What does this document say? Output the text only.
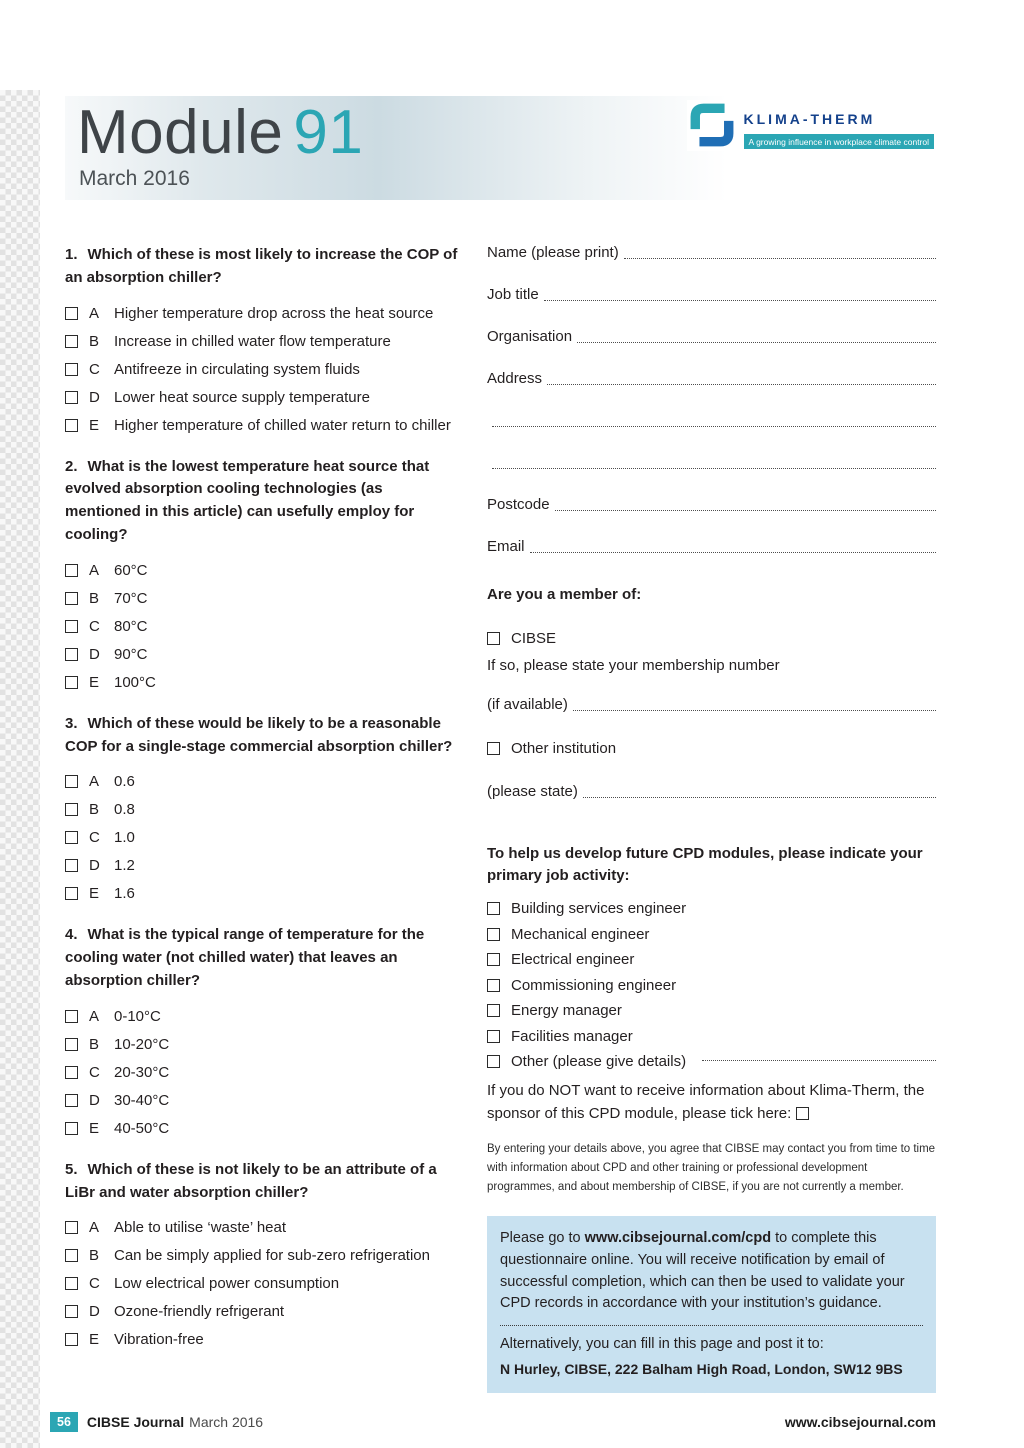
Module 91
March 2016
KLIMA-THERM
A growing influence in workplace climate control

1. Which of these is most likely to increase the COP of an absorption chiller?

A Higher temperature drop across the heat source
B Increase in chilled water flow temperature
C Antifreeze in circulating system fluids
D Lower heat source supply temperature
E Higher temperature of chilled water return to chiller

2. What is the lowest temperature heat source that evolved absorption cooling technologies (as mentioned in this article) can usefully employ for cooling?

A 60°C
B 70°C
C 80°C
D 90°C
E 100°C

3. Which of these would be likely to be a reasonable COP for a single-stage commercial absorption chiller?

A 0.6
B 0.8
C 1.0
D 1.2
E 1.6

4. What is the typical range of temperature for the cooling water (not chilled water) that leaves an absorption chiller?

A 0-10°C
B 10-20°C
C 20-30°C
D 30-40°C
E 40-50°C

5. Which of these is not likely to be an attribute of a LiBr and water absorption chiller?

A Able to utilise ‘waste’ heat
B Can be simply applied for sub-zero refrigeration
C Low electrical power consumption
D Ozone-friendly refrigerant
E Vibration-free
Name (please print)
Job title
Organisation
Address
Postcode
Email

Are you a member of:

CIBSE

If so, please state your membership number

(if available)
Other institution
(please state)

To help us develop future CPD modules, please indicate your primary job activity:

Building services engineer
Mechanical engineer
Electrical engineer
Commissioning engineer
Energy manager
Facilities manager
Other (please give details)

If you do NOT want to receive information about Klima-Therm, the sponsor of this CPD module, please tick here:

By entering your details above, you agree that CIBSE may contact you from time to time with information about CPD and other training or professional development programmes, and about membership of CIBSE, if you are not currently a member.

Please go to www.cibsejournal.com/cpd to complete this questionnaire online. You will receive notification by email of successful completion, which can then be used to validate your CPD records in accordance with your institution’s guidance.

Alternatively, you can fill in this page and post it to:

N Hurley, CIBSE, 222 Balham High Road, London, SW12 9BS

56	CIBSE Journal March 2016	www.cibsejournal.com
